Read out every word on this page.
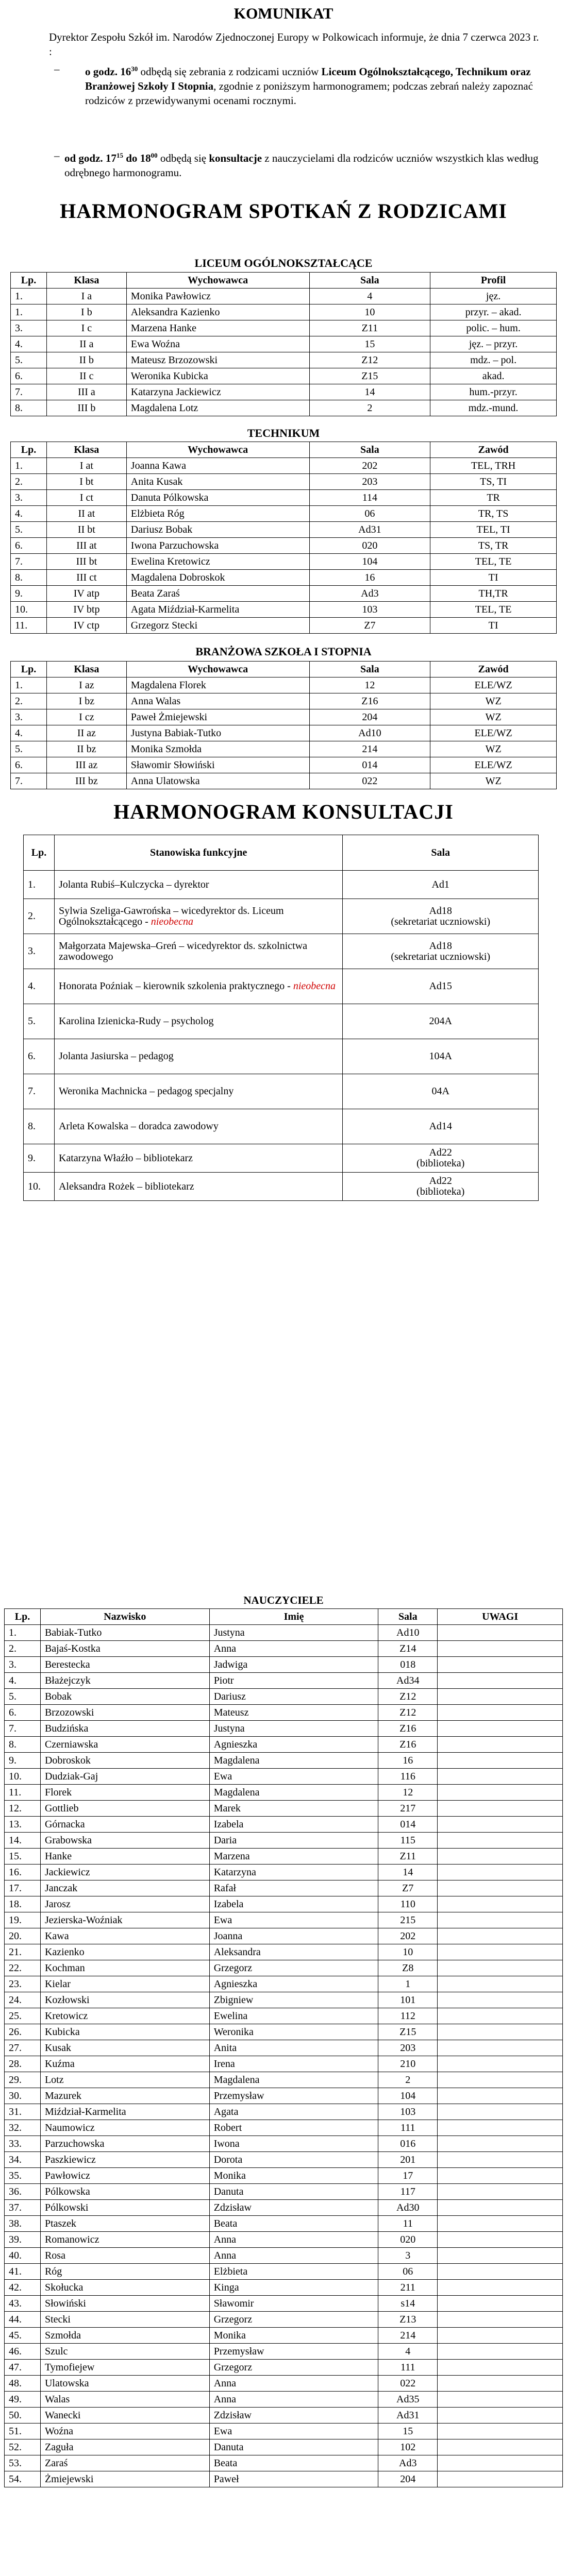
KOMUNIKAT
Dyrektor Zespołu Szkół im. Narodów Zjednoczonej Europy w Polkowicach informuje, że dnia 7 czerwca 2023 r. :
– o godz. $16^{30}$ odbędą się zebrania z rodzicami uczniów Liceum Ogólnokształcącego, Technikum oraz Branżowej Szkoły I Stopnia, zgodnie z poniższym harmonogramem; podczas zebrań należy zapoznać rodziców z przewidywanymi ocenami rocznymi.
– od godz. $17^{15}$ do $18^{00}$ odbędą się konsultacje z nauczycielami dla rodziców uczniów wszystkich klas według odrębnego harmonogramu.
HARMONOGRAM SPOTKAŃ Z RODZICAMI
LICEUM OGÓLNOKSZTAŁCĄCE
Lp.	Klasa	Wychowawca	Sala	Profil
1.	I a	Monika Pawłowicz	4	jęz.
1.	I b	Aleksandra Kazienko	10	przyr. – akad.
3.	I c	Marzena Hanke	Z11	polic. – hum.
4.	II a	Ewa Woźna	15	jęz. – przyr.
5.	II b	Mateusz Brzozowski	Z12	mdz. – pol.
6.	II c	Weronika Kubicka	Z15	akad.
7.	III a	Katarzyna Jackiewicz	14	hum.-przyr.
8.	III b	Magdalena Lotz	2	mdz.-mund.
TECHNIKUM
Lp.	Klasa	Wychowawca	Sala	Zawód
1.	I at	Joanna Kawa	202	TEL, TRH
2.	I bt	Anita Kusak	203	TS, TI
3.	I ct	Danuta Pólkowska	114	TR
4.	II at	Elżbieta Róg	06	TR, TS
5.	II bt	Dariusz Bobak	Ad31	TEL, TI
6.	III at	Iwona Parzuchowska	020	TS, TR
7.	III bt	Ewelina Kretowicz	104	TEL, TE
8.	III ct	Magdalena Dobroskok	16	TI
9.	IV atp	Beata Zaraś	Ad3	TH,TR
10.	IV btp	Agata Miździał-Karmelita	103	TEL, TE
11.	IV ctp	Grzegorz Stecki	Z7	TI
BRANŻOWA SZKOŁA I STOPNIA
Lp.	Klasa	Wychowawca	Sala	Zawód
1.	I az	Magdalena Florek	12	ELE/WZ
2.	I bz	Anna Walas	Z16	WZ
3.	I cz	Paweł Żmiejewski	204	WZ
4.	II az	Justyna Babiak-Tutko	Ad10	ELE/WZ
5.	II bz	Monika Szmołda	214	WZ
6.	III az	Sławomir Słowiński	014	ELE/WZ
7.	III bz	Anna Ulatowska	022	WZ
HARMONOGRAM KONSULTACJI
Lp.	Stanowiska funkcyjne	Sala
1.	Jolanta Rubiś–Kulczycka – dyrektor	Ad1

2.	Sylwia Szeliga-Gawrońska – wicedyrektor ds. Liceum Ogólnokształcącego - nieobecna	Ad18
(sekretariat uczniowski)

3.	Małgorzata Majewska–Greń – wicedyrektor ds. szkolnictwa zawodowego	Ad18
(sekretariat uczniowski)

4.	Honorata Poźniak – kierownik szkolenia praktycznego - nieobecna	Ad15

5.	Karolina Izienicka-Rudy – psycholog	204A

6.	Jolanta Jasiurska – pedagog	104A

7.	Weronika Machnicka – pedagog specjalny	04A

8.	Arleta Kowalska – doradca zawodowy	Ad14

9.	Katarzyna Właźło – bibliotekarz	Ad22
(biblioteka)

10.	Aleksandra Rożek – bibliotekarz	Ad22
(biblioteka)
NAUCZYCIELE
Lp.	Nazwisko	Imię	Sala	UWAGI
1.	Babiak-Tutko	Justyna	Ad10	
2.	Bajaś-Kostka	Anna	Z14	
3.	Berestecka	Jadwiga	018	
4.	Błażejczyk	Piotr	Ad34	
5.	Bobak	Dariusz	Z12	
6.	Brzozowski	Mateusz	Z12	
7.	Budzińska	Justyna	Z16	
8.	Czerniawska	Agnieszka	Z16	
9.	Dobroskok	Magdalena	16	
10.	Dudziak-Gaj	Ewa	116	
11.	Florek	Magdalena	12	
12.	Gottlieb	Marek	217	
13.	Górnacka	Izabela	014	
14.	Grabowska	Daria	115	
15.	Hanke	Marzena	Z11	
16.	Jackiewicz	Katarzyna	14	
17.	Janczak	Rafał	Z7	
18.	Jarosz	Izabela	110	
19.	Jezierska-Woźniak	Ewa	215	
20.	Kawa	Joanna	202	
21.	Kazienko	Aleksandra	10	
22.	Kochman	Grzegorz	Z8	
23.	Kielar	Agnieszka	1	
24.	Kozłowski	Zbigniew	101	
25.	Kretowicz	Ewelina	112	
26.	Kubicka	Weronika	Z15	
27.	Kusak	Anita	203	
28.	Kuźma	Irena	210	
29.	Lotz	Magdalena	2	
30.	Mazurek	Przemysław	104	
31.	Miździał-Karmelita	Agata	103	
32.	Naumowicz	Robert	111	
33.	Parzuchowska	Iwona	016	
34.	Paszkiewicz	Dorota	201	
35.	Pawłowicz	Monika	17	
36.	Pólkowska	Danuta	117	
37.	Pólkowski	Zdzisław	Ad30	
38.	Ptaszek	Beata	11	
39.	Romanowicz	Anna	020	
40.	Rosa	Anna	3	
41.	Róg	Elżbieta	06	
42.	Skołucka	Kinga	211	
43.	Słowiński	Sławomir	s14	
44.	Stecki	Grzegorz	Z13	
45.	Szmołda	Monika	214	
46.	Szulc	Przemysław	4	
47.	Tymofiejew	Grzegorz	111	
48.	Ulatowska	Anna	022	
49.	Walas	Anna	Ad35	
50.	Wanecki	Zdzisław	Ad31	
51.	Woźna	Ewa	15	
52.	Zaguła	Danuta	102	
53.	Zaraś	Beata	Ad3	
54.	Żmiejewski	Paweł	204	
